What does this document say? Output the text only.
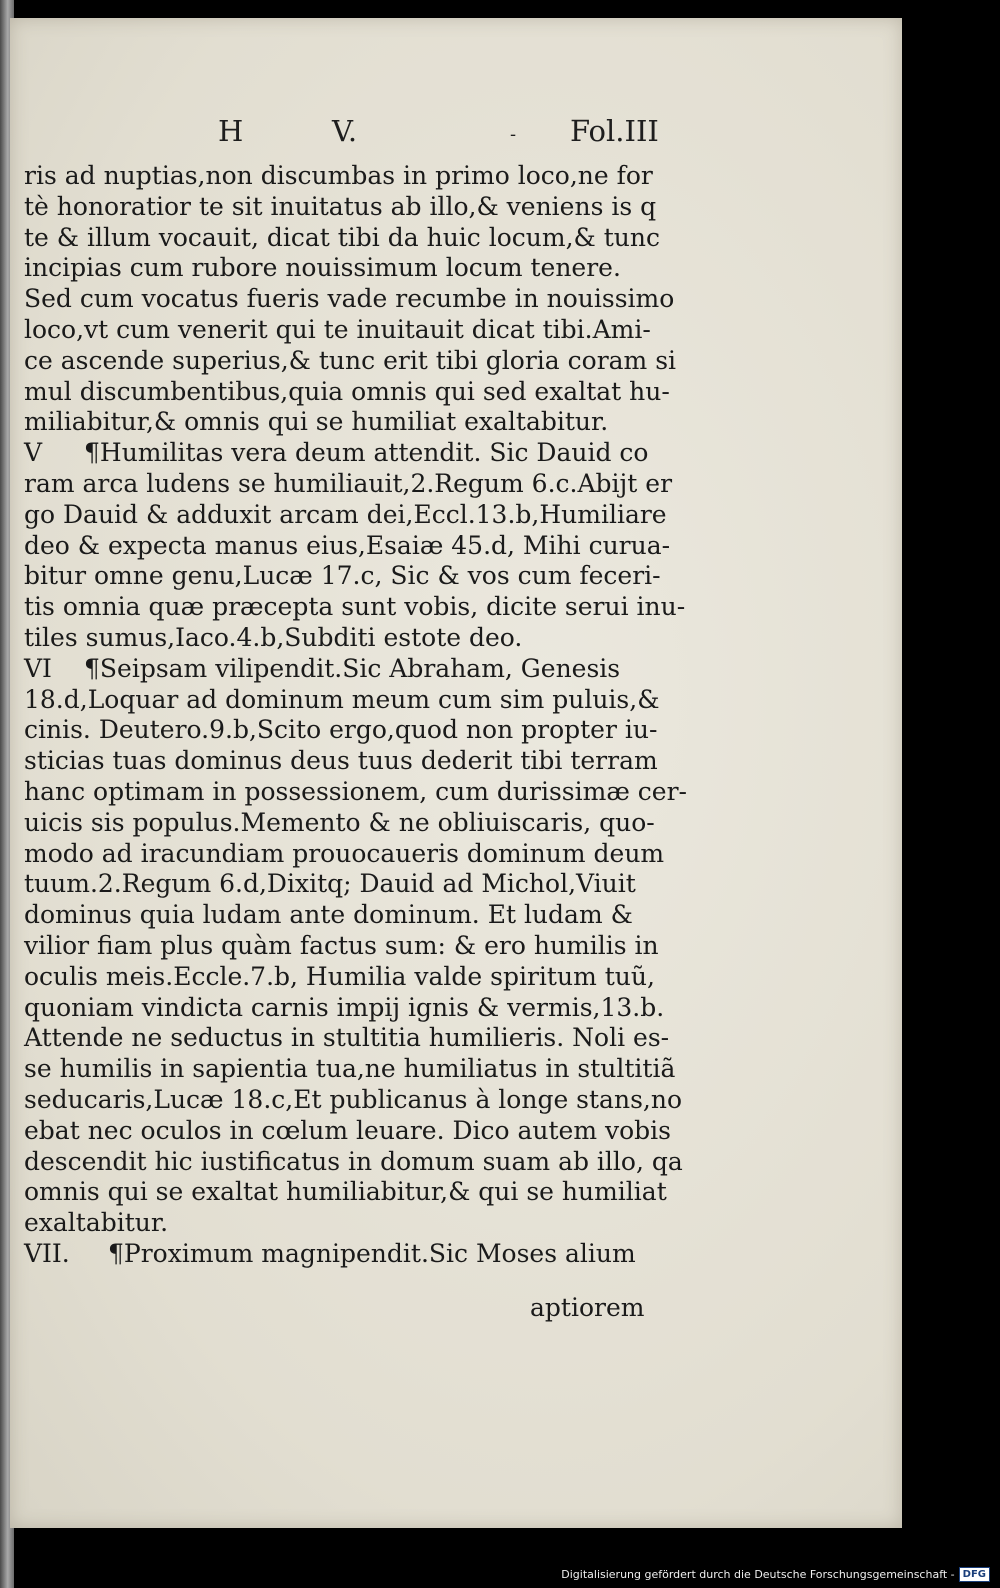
H	V.	- Fol.III
ris ad nuptias,non discumbas in primo loco,ne for
tè honoratior te sit inuitatus ab illo,& veniens is q
te & illum vocauit, dicat tibi da huic locum,& tunc
incipias cum rubore nouissimum locum tenere.
Sed cum vocatus fueris vade recumbe in nouissimo
loco,vt cum venerit qui te inuitauit dicat tibi.Ami-
ce ascende superius,& tunc erit tibi gloria coram si
mul discumbentibus,quia omnis qui sed exaltat hu-
miliabitur,& omnis qui se humiliat exaltabitur.
V ¶Humilitas vera deum attendit. Sic Dauid co
ram arca ludens se humiliauit,2.Regum 6.c.Abijt er
go Dauid & adduxit arcam dei,Eccl.13.b,Humiliare
deo & expecta manus eius,Esaiæ 45.d, Mihi curua-
bitur omne genu,Lucæ 17.c, Sic & vos cum feceri-
tis omnia quæ præcepta sunt vobis, dicite serui inu-
tiles sumus,Iaco.4.b,Subditi estote deo.
VI ¶Seipsam vilipendit.Sic Abraham, Genesis
18.d,Loquar ad dominum meum cum sim puluis,&
cinis. Deutero.9.b,Scito ergo,quod non propter iu-
sticias tuas dominus deus tuus dederit tibi terram
hanc optimam in possessionem, cum durissimæ cer-
uicis sis populus.Memento & ne obliuiscaris, quo-
modo ad iracundiam prouocaueris dominum deum
tuum.2.Regum 6.d,Dixitq; Dauid ad Michol,Viuit
dominus quia ludam ante dominum. Et ludam &
vilior fiam plus quàm factus sum: & ero humilis in
oculis meis.Eccle.7.b, Humilia valde spiritum tuũ,
quoniam vindicta carnis impij ignis & vermis,13.b.
Attende ne seductus in stultitia humilieris. Noli es-
se humilis in sapientia tua,ne humiliatus in stultitiã
seducaris,Lucæ 18.c,Et publicanus à longe stans,no
ebat nec oculos in cœlum leuare. Dico autem vobis
descendit hic iustificatus in domum suam ab illo, qa
omnis qui se exaltat humiliabitur,& qui se humiliat
exaltabitur.
VII. ¶Proximum magnipendit.Sic Moses alium
aptiorem
Digitalisierung gefördert durch die Deutsche Forschungsgemeinschaft - DFG
